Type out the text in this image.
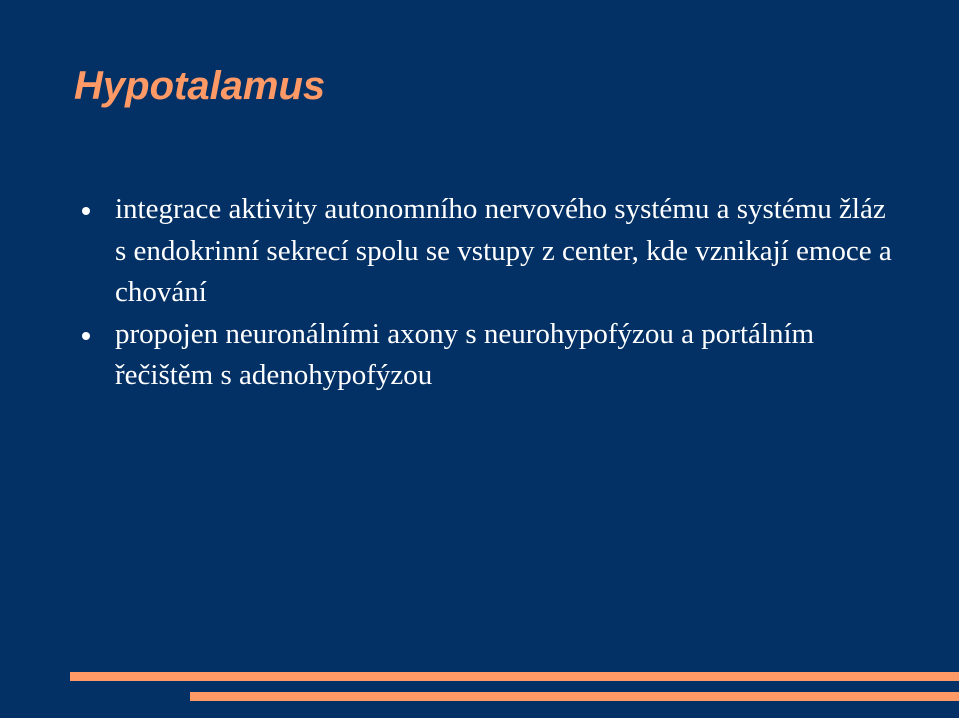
Hypotalamus
integrace aktivity autonomního nervového systému a systému žláz s endokrinní sekrecí spolu se vstupy z center, kde vznikají emoce a chování
propojen neuronálními axony s neurohypofýzou a portálním řečištěm s adenohypofýzou
